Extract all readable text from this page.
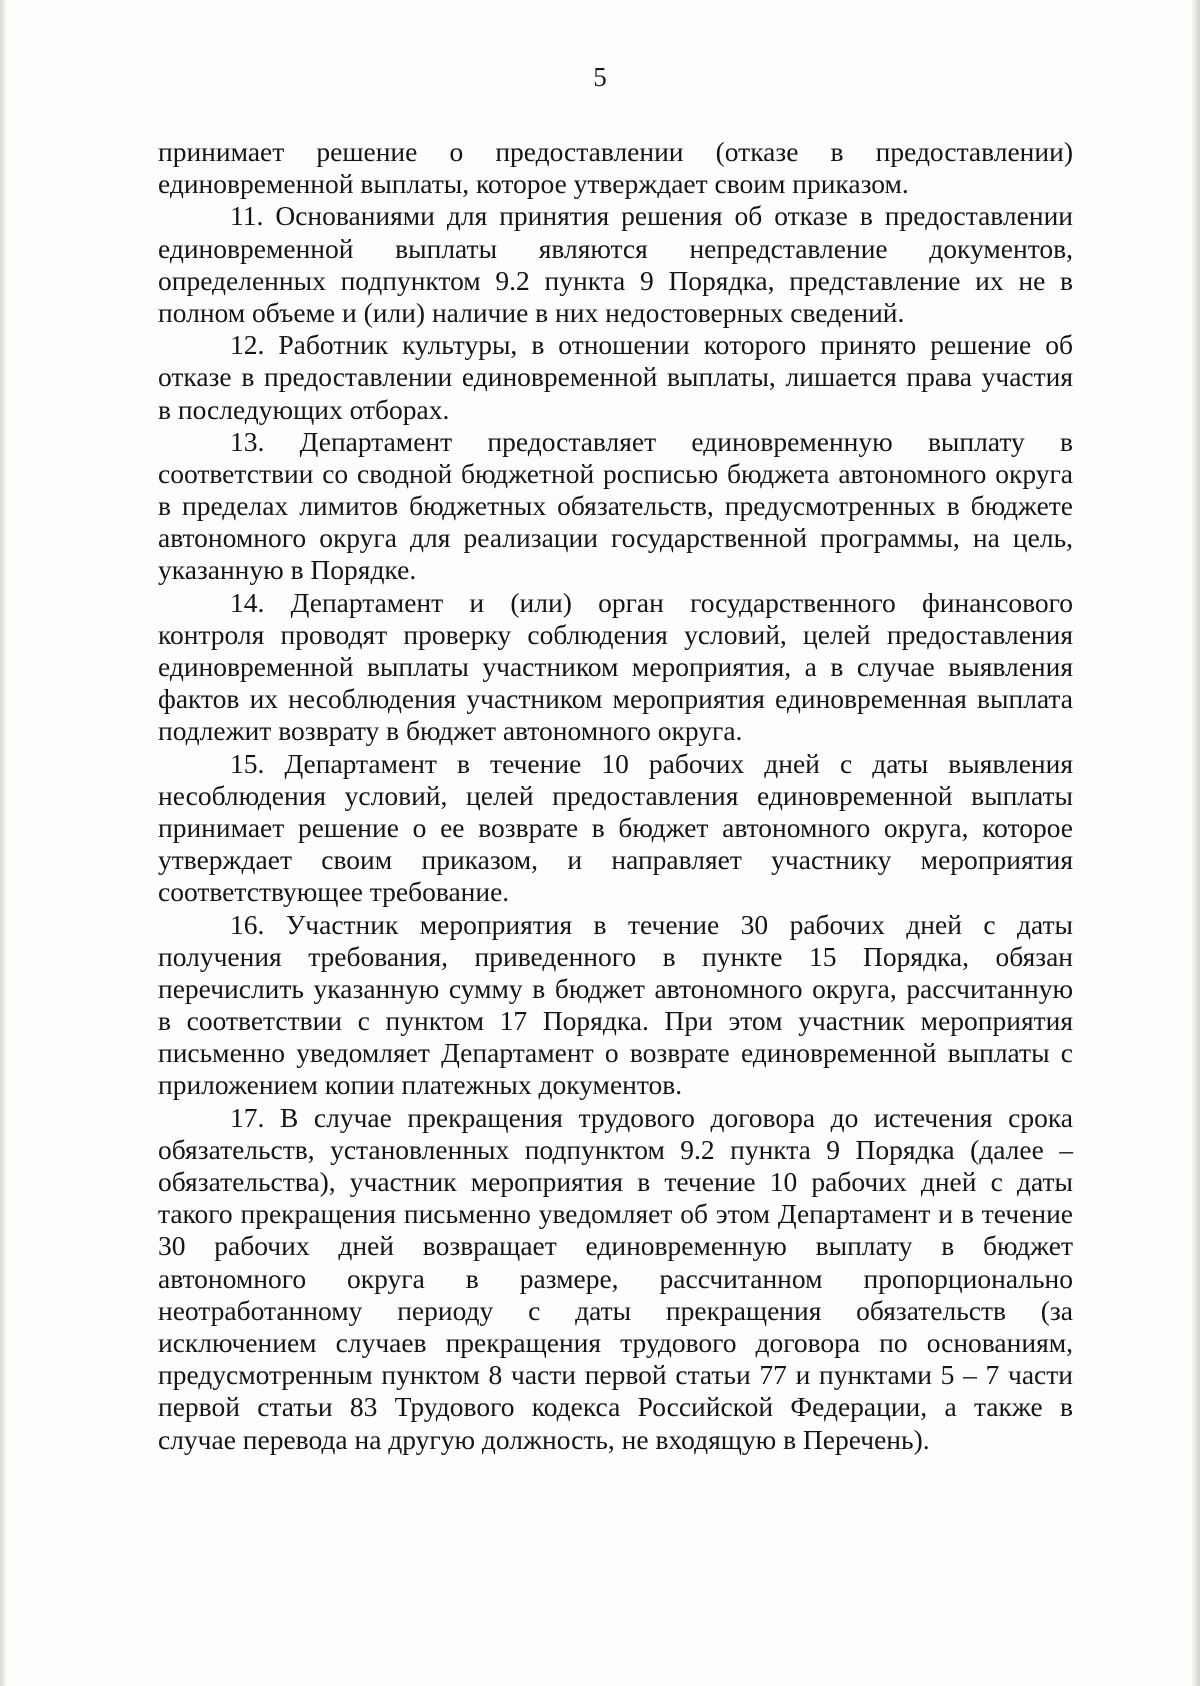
5
принимает решение о предоставлении (отказе в предоставлении)
единовременной выплаты, которое утверждает своим приказом.
11. Основаниями для принятия решения об отказе в предоставлении
единовременной выплаты являются непредставление документов,
определенных подпунктом 9.2 пункта 9 Порядка, представление их не в
полном объеме и (или) наличие в них недостоверных сведений.
12. Работник культуры, в отношении которого принято решение об
отказе в предоставлении единовременной выплаты, лишается права участия
в последующих отборах.
13. Департамент предоставляет единовременную выплату в
соответствии со сводной бюджетной росписью бюджета автономного округа
в пределах лимитов бюджетных обязательств, предусмотренных в бюджете
автономного округа для реализации государственной программы, на цель,
указанную в Порядке.
14. Департамент и (или) орган государственного финансового
контроля проводят проверку соблюдения условий, целей предоставления
единовременной выплаты участником мероприятия, а в случае выявления
фактов их несоблюдения участником мероприятия единовременная выплата
подлежит возврату в бюджет автономного округа.
15. Департамент в течение 10 рабочих дней с даты выявления
несоблюдения условий, целей предоставления единовременной выплаты
принимает решение о ее возврате в бюджет автономного округа, которое
утверждает своим приказом, и направляет участнику мероприятия
соответствующее требование.
16. Участник мероприятия в течение 30 рабочих дней с даты
получения требования, приведенного в пункте 15 Порядка, обязан
перечислить указанную сумму в бюджет автономного округа, рассчитанную
в соответствии с пунктом 17 Порядка. При этом участник мероприятия
письменно уведомляет Департамент о возврате единовременной выплаты с
приложением копии платежных документов.
17. В случае прекращения трудового договора до истечения срока
обязательств, установленных подпунктом 9.2 пункта 9 Порядка (далее –
обязательства), участник мероприятия в течение 10 рабочих дней с даты
такого прекращения письменно уведомляет об этом Департамент и в течение
30 рабочих дней возвращает единовременную выплату в бюджет
автономного округа в размере, рассчитанном пропорционально
неотработанному периоду с даты прекращения обязательств (за
исключением случаев прекращения трудового договора по основаниям,
предусмотренным пунктом 8 части первой статьи 77 и пунктами 5 – 7 части
первой статьи 83 Трудового кодекса Российской Федерации, а также в
случае перевода на другую должность, не входящую в Перечень).
